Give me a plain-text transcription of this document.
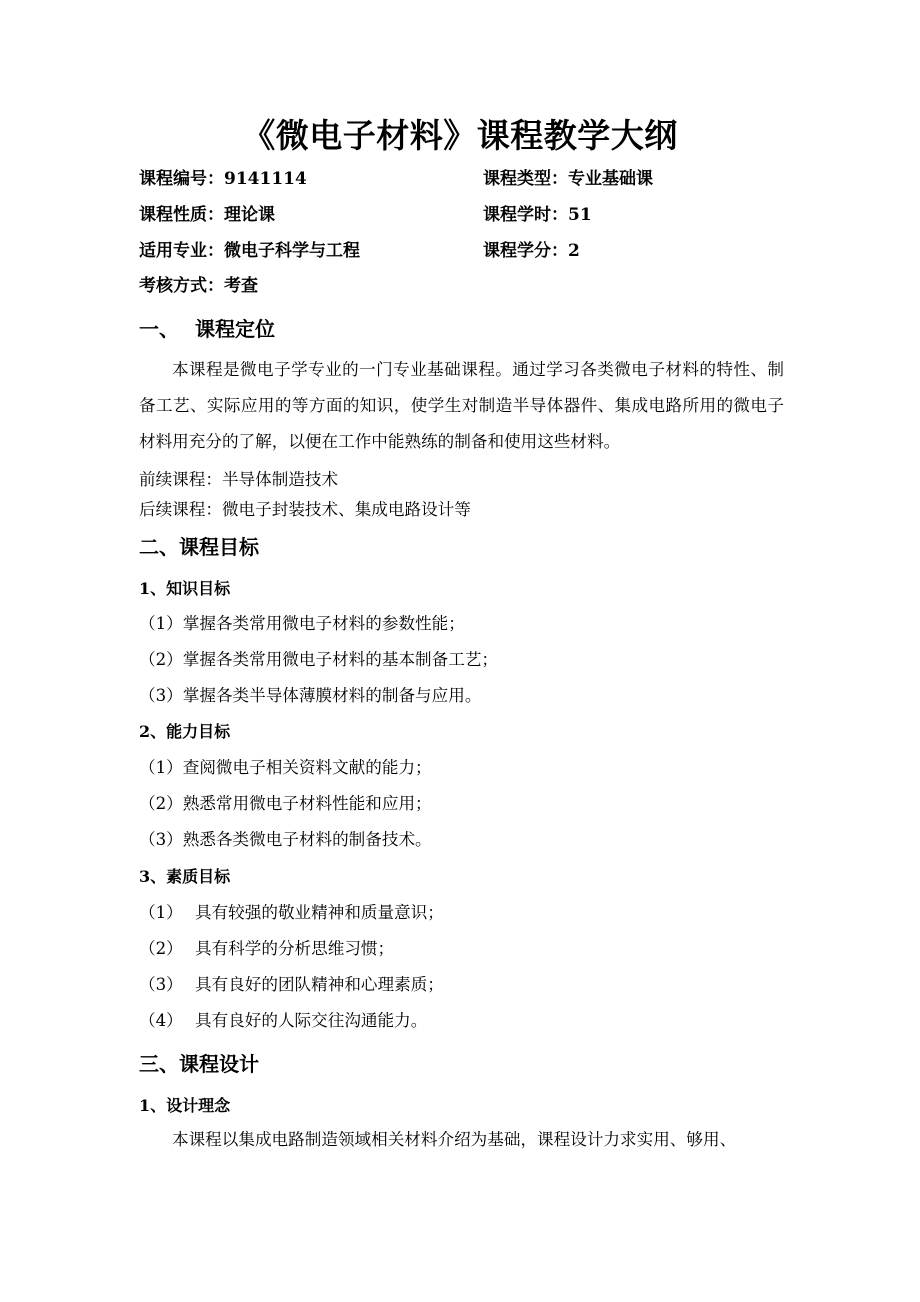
《微电子材料》课程教学大纲
课程编号：9141114	课程类型：专业基础课
课程性质：理论课	课程学时：51
适用专业：微电子科学与工程	课程学分：2
考核方式：考查
一、 课程定位
本课程是微电子学专业的一门专业基础课程。通过学习各类微电子材料的特性、制备工艺、实际应用的等方面的知识，使学生对制造半导体器件、集成电路所用的微电子材料用充分的了解，以便在工作中能熟练的制备和使用这些材料。
前续课程：半导体制造技术
后续课程：微电子封装技术、集成电路设计等
二、课程目标
1、知识目标
（1）掌握各类常用微电子材料的参数性能；
（2）掌握各类常用微电子材料的基本制备工艺；
（3）掌握各类半导体薄膜材料的制备与应用。
2、能力目标
（1）查阅微电子相关资料文献的能力；
（2）熟悉常用微电子材料性能和应用；
（3）熟悉各类微电子材料的制备技术。
3、素质目标
（1） 具有较强的敬业精神和质量意识；
（2） 具有科学的分析思维习惯；
（3） 具有良好的团队精神和心理素质；
（4） 具有良好的人际交往沟通能力。
三、课程设计
1、设计理念
本课程以集成电路制造领域相关材料介绍为基础，课程设计力求实用、够用、
